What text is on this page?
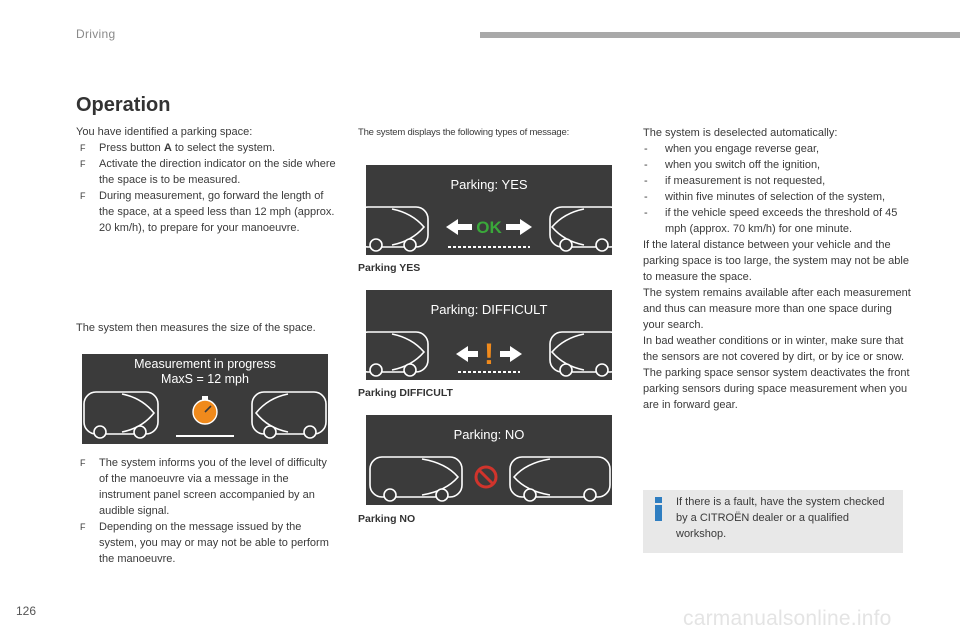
Driving
Operation
You have identified a parking space:
F Press button A to select the system.
F Activate the direction indicator on the side where the space is to be measured.
F During measurement, go forward the length of the space, at a speed less than 12 mph (approx. 20 km/h), to prepare for your manoeuvre.
The system then measures the size of the space.
Measurement in progress
MaxS = 12 mph
F The system informs you of the level of difficulty of the manoeuvre via a message in the instrument panel screen accompanied by an audible signal.
F Depending on the message issued by the system, you may or may not be able to perform the manoeuvre.
The system displays the following types of message:
Parking: YES
OK
Parking YES
Parking: DIFFICULT
!
Parking DIFFICULT
Parking: NO
Parking NO
The system is deselected automatically:
- when you engage reverse gear,
- when you switch off the ignition,
- if measurement is not requested,
- within five minutes of selection of the system,
- if the vehicle speed exceeds the threshold of 45 mph (approx. 70 km/h) for one minute.
If the lateral distance between your vehicle and the parking space is too large, the system may not be able to measure the space.
The system remains available after each measurement and thus can measure more than one space during your search.
In bad weather conditions or in winter, make sure that the sensors are not covered by dirt, or by ice or snow.
The parking space sensor system deactivates the front parking sensors during space measurement when you are in forward gear.
If there is a fault, have the system checked by a CITROËN dealer or a qualified workshop.
126	carmanualsonline.info
